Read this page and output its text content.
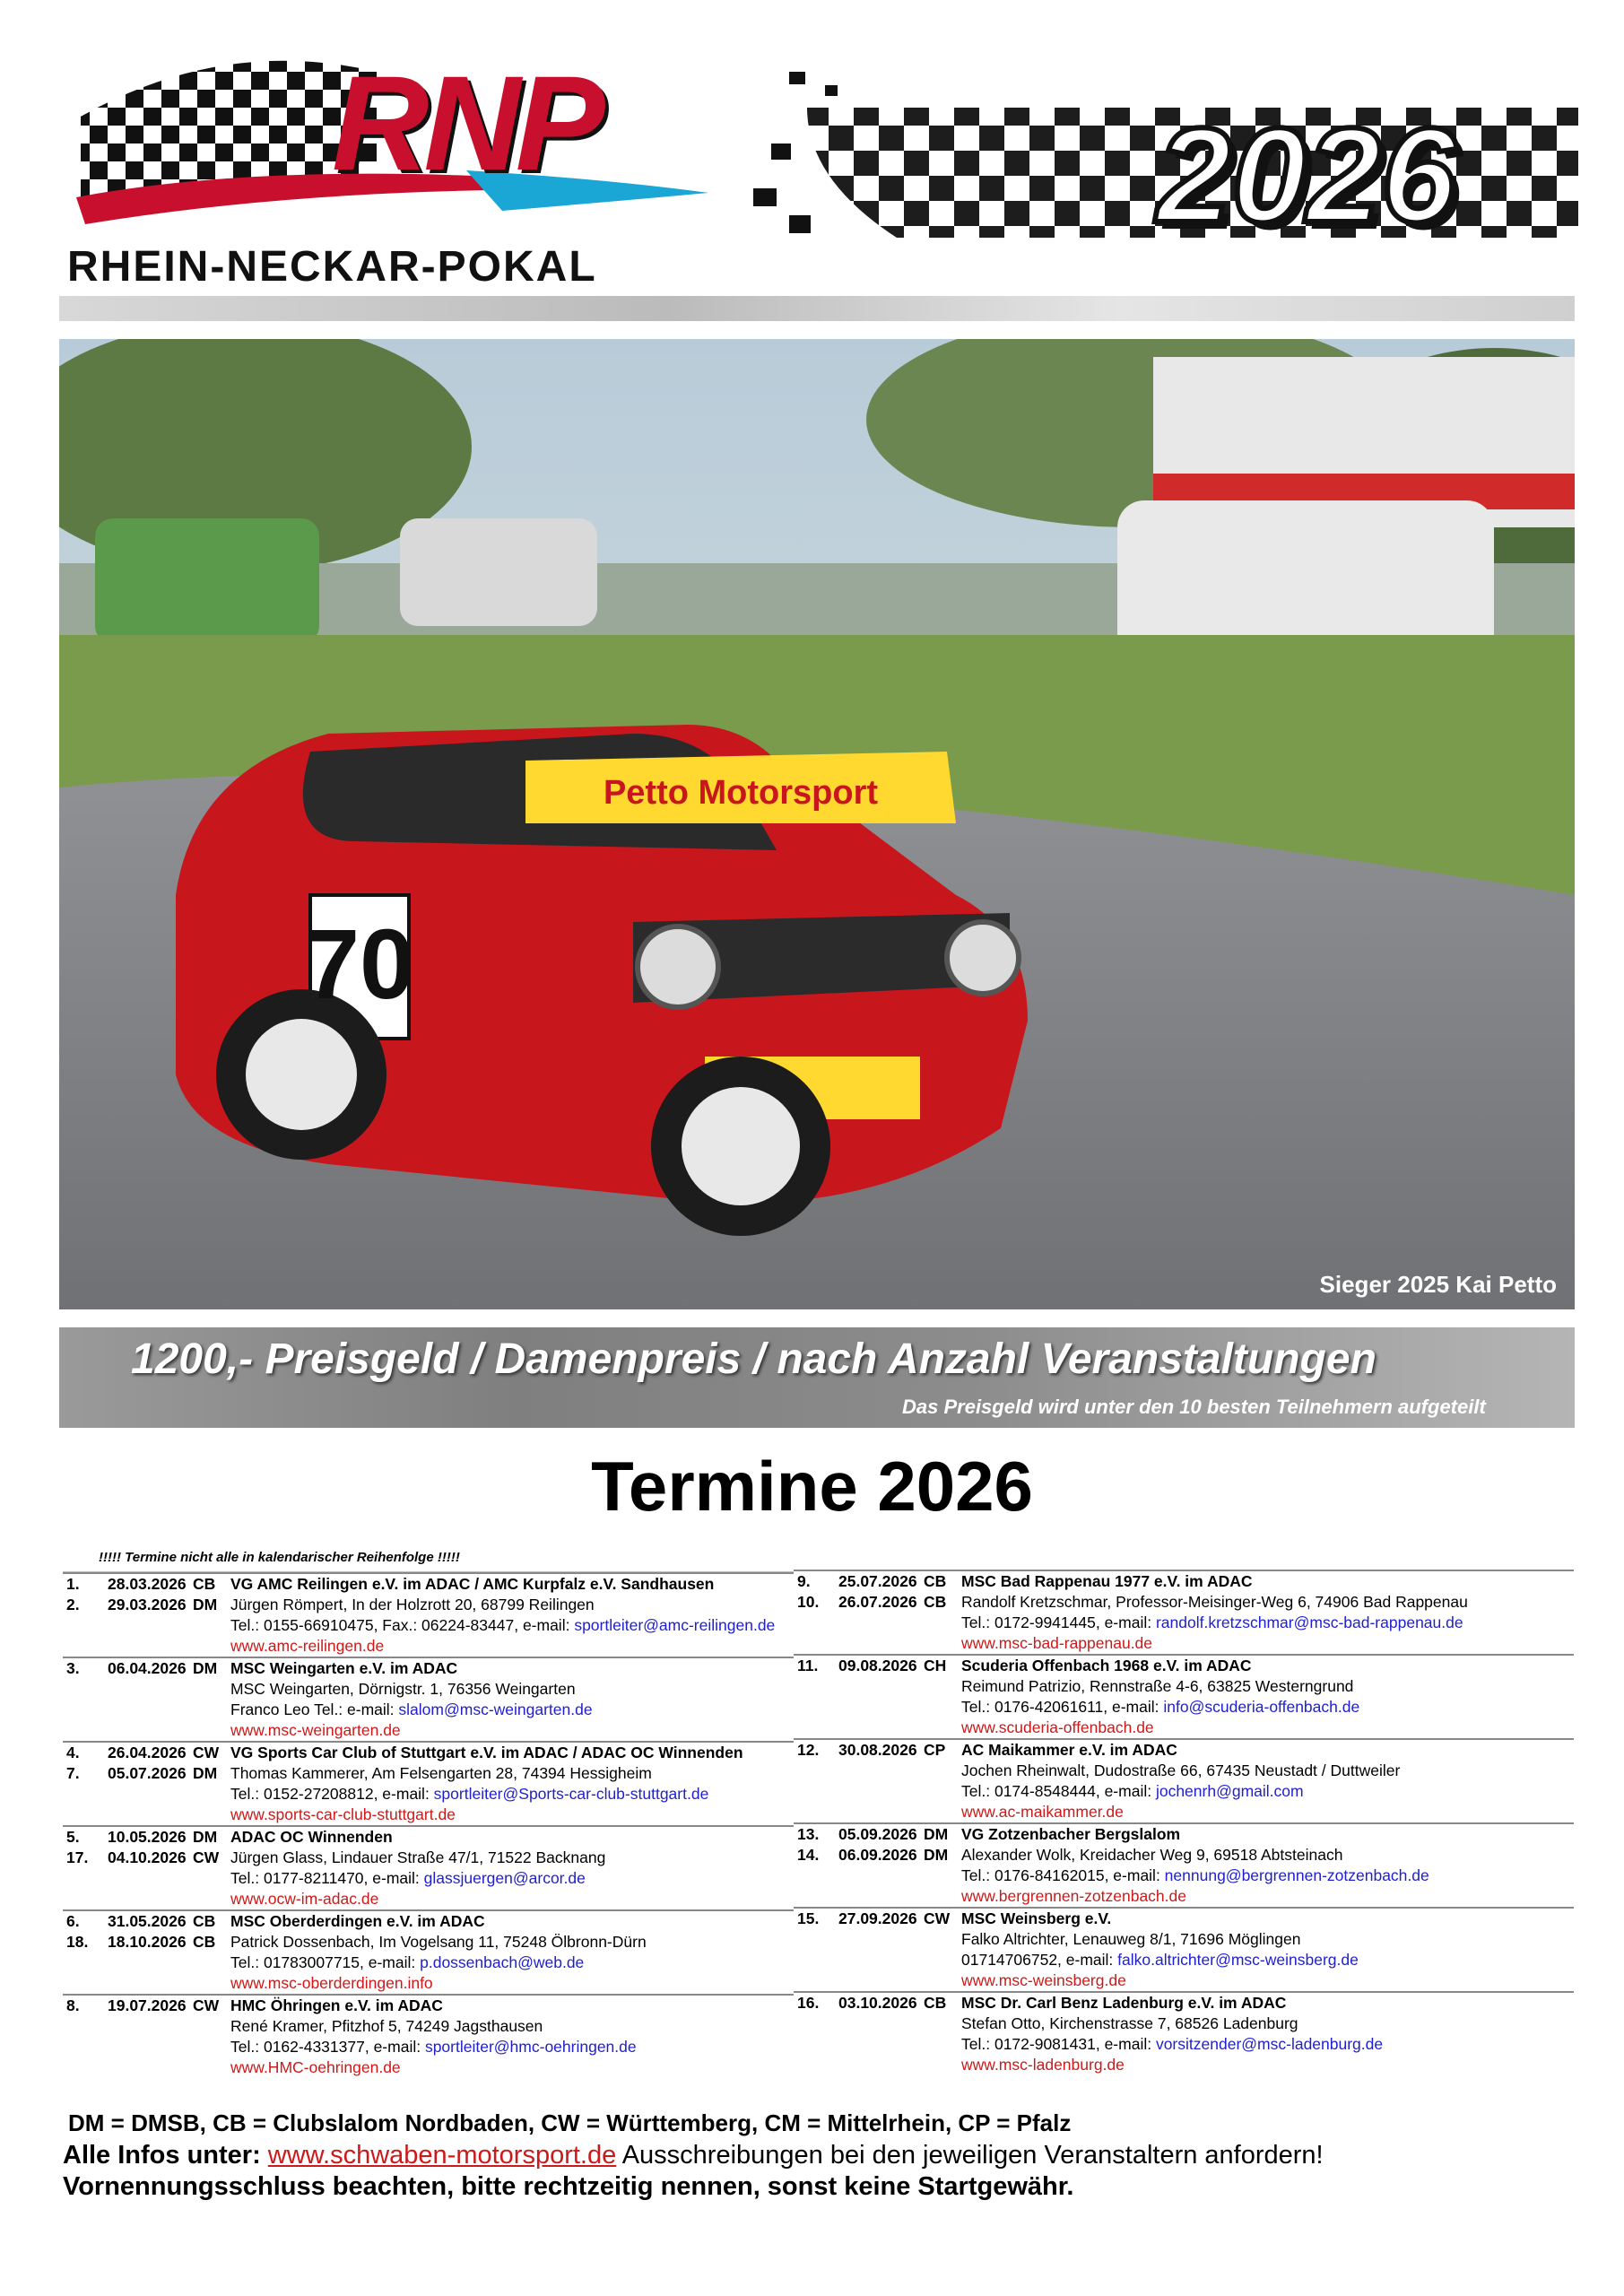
RNP
RHEIN-NECKAR-POKAL
2026
70
Petto Motorsport
Sieger 2025 Kai Petto
1200,- Preisgeld / Damenpreis / nach Anzahl Veranstaltungen
Das Preisgeld wird unter den 10 besten Teilnehmern aufgeteilt
Termine 2026
!!!!! Termine nicht alle in kalendarischer Reihenfolge !!!!!
1.	28.03.2026 CB VG AMC Reilingen e.V. im ADAC / AMC Kurpfalz e.V. Sandhausen
2.	29.03.2026 DM Jürgen Römpert, In der Holzrott 20, 68799 Reilingen
Tel.: 0155-66910475, Fax.: 06224-83447, e-mail: sportleiter@amc-reilingen.de
www.amc-reilingen.de
3.	06.04.2026 DM MSC Weingarten e.V. im ADAC
MSC Weingarten, Dörnigstr. 1, 76356 Weingarten
Franco Leo Tel.: e-mail: slalom@msc-weingarten.de
www.msc-weingarten.de
4.	26.04.2026 CW VG Sports Car Club of Stuttgart e.V. im ADAC / ADAC OC Winnenden
7.	05.07.2026 DM Thomas Kammerer, Am Felsengarten 28, 74394 Hessigheim
Tel.: 0152-27208812, e-mail: sportleiter@Sports-car-club-stuttgart.de
www.sports-car-club-stuttgart.de
5.	10.05.2026 DM ADAC OC Winnenden
17.	04.10.2026 CW Jürgen Glass, Lindauer Straße 47/1, 71522 Backnang
Tel.: 0177-8211470, e-mail: glassjuergen@arcor.de
www.ocw-im-adac.de
6.	31.05.2026 CB MSC Oberderdingen e.V. im ADAC
18.	18.10.2026 CB Patrick Dossenbach, Im Vogelsang 11, 75248 Ölbronn-Dürn
Tel.: 01783007715, e-mail: p.dossenbach@web.de
www.msc-oberderdingen.info
8.	19.07.2026 CW HMC Öhringen e.V. im ADAC
René Kramer, Pfitzhof 5, 74249 Jagsthausen
Tel.: 0162-4331377, e-mail: sportleiter@hmc-oehringen.de
www.HMC-oehringen.de
9.	25.07.2026 CB MSC Bad Rappenau 1977 e.V. im ADAC
10.	26.07.2026 CB Randolf Kretzschmar, Professor-Meisinger-Weg 6, 74906 Bad Rappenau
Tel.: 0172-9941445, e-mail: randolf.kretzschmar@msc-bad-rappenau.de
www.msc-bad-rappenau.de
11.	09.08.2026 CH Scuderia Offenbach 1968 e.V. im ADAC
Reimund Patrizio, Rennstraße 4-6, 63825 Westerngrund
Tel.: 0176-42061611, e-mail: info@scuderia-offenbach.de
www.scuderia-offenbach.de
12.	30.08.2026 CP	AC Maikammer e.V. im ADAC
Jochen Rheinwalt, Dudostraße 66, 67435 Neustadt / Duttweiler
Tel.: 0174-8548444, e-mail: jochenrh@gmail.com
www.ac-maikammer.de
13.	05.09.2026 DM VG Zotzenbacher Bergslalom
14.	06.09.2026 DM Alexander Wolk, Kreidacher Weg 9, 69518 Abtsteinach
Tel.: 0176-84162015, e-mail: nennung@bergrennen-zotzenbach.de
www.bergrennen-zotzenbach.de
15.	27.09.2026 CW MSC Weinsberg e.V.
Falko Altrichter, Lenauweg 8/1, 71696 Möglingen
01714706752, e-mail: falko.altrichter@msc-weinsberg.de
www.msc-weinsberg.de
16.	03.10.2026 CB MSC Dr. Carl Benz Ladenburg e.V. im ADAC
Stefan Otto, Kirchenstrasse 7, 68526 Ladenburg
Tel.: 0172-9081431, e-mail: vorsitzender@msc-ladenburg.de
www.msc-ladenburg.de
DM = DMSB, CB = Clubslalom Nordbaden, CW = Württemberg, CM = Mittelrhein, CP = Pfalz
Alle Infos unter: www.schwaben-motorsport.de Ausschreibungen bei den jeweiligen Veranstaltern anfordern!
Vornennungsschluss beachten, bitte rechtzeitig nennen, sonst keine Startgewähr.
